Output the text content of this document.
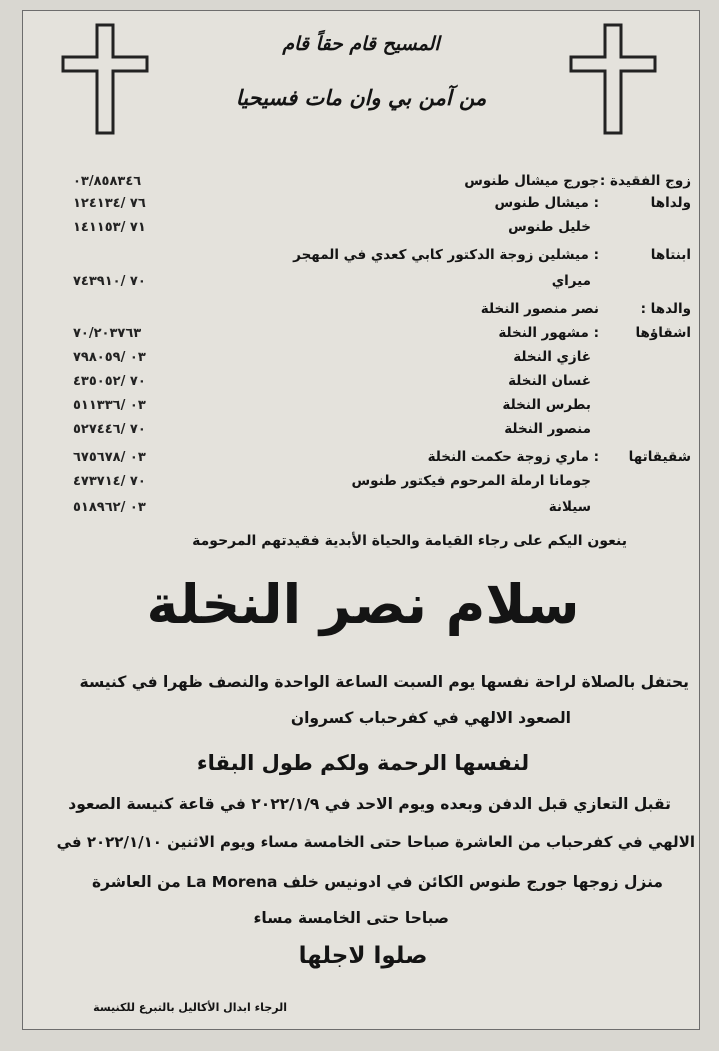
المسيح قام حقاً قام
من آمن بي وان مات فسيحيا
زوج الفقيدة :
جورج ميشال طنوس
٠٣/٨٥٨٣٤٦
ولداها
: ميشال طنوس
٧٦ /١٢٤١٣٤
خليل طنوس
٧١ /١٤١١٥٣
ابنتاها
: ميشلين زوجة الدكتور كابي كعدي في المهجر
ميراي
٧٠ /٧٤٣٩١٠
والدها :
نصر منصور النخلة
اشقاؤها
: مشهور النخلة
٧٠/٢٠٣٧٦٣
غازي النخلة
٠٣ /٧٩٨٠٥٩
غسان النخلة
٧٠ /٤٣٥٠٥٢
بطرس النخلة
٠٣ /٥١١٣٣٦
منصور النخلة
٧٠ /٥٢٧٤٤٦
شقيقاتها
: ماري زوجة حكمت النخلة
٠٣ /٦٧٥٦٧٨
جومانا ارملة المرحوم فيكتور طنوس
٧٠ /٤٧٣٧١٤
سيلانة
٠٣ /٥١٨٩٦٢
ينعون اليكم على رجاء القيامة والحياة الأبدية فقيدتهم المرحومة
سلام نصر النخلة
يحتفل بالصلاة لراحة نفسها يوم السبت الساعة الواحدة والنصف ظهرا في كنيسة
الصعود الالهي في كفرحباب كسروان
لنفسها الرحمة ولكم طول البقاء
تقبل التعازي قبل الدفن وبعده ويوم الاحد في ٢٠٢٢/١/٩ في قاعة كنيسة الصعود
الالهي في كفرحباب من العاشرة صباحا حتى الخامسة مساء ويوم الاثنين ٢٠٢٢/١/١٠ في
منزل زوجها جورج طنوس الكائن في ادونيس خلف La Morena من العاشرة
صباحا حتى الخامسة مساء
صلوا لاجلها
الرجاء ابدال الأكاليل بالتبرع للكنيسة
